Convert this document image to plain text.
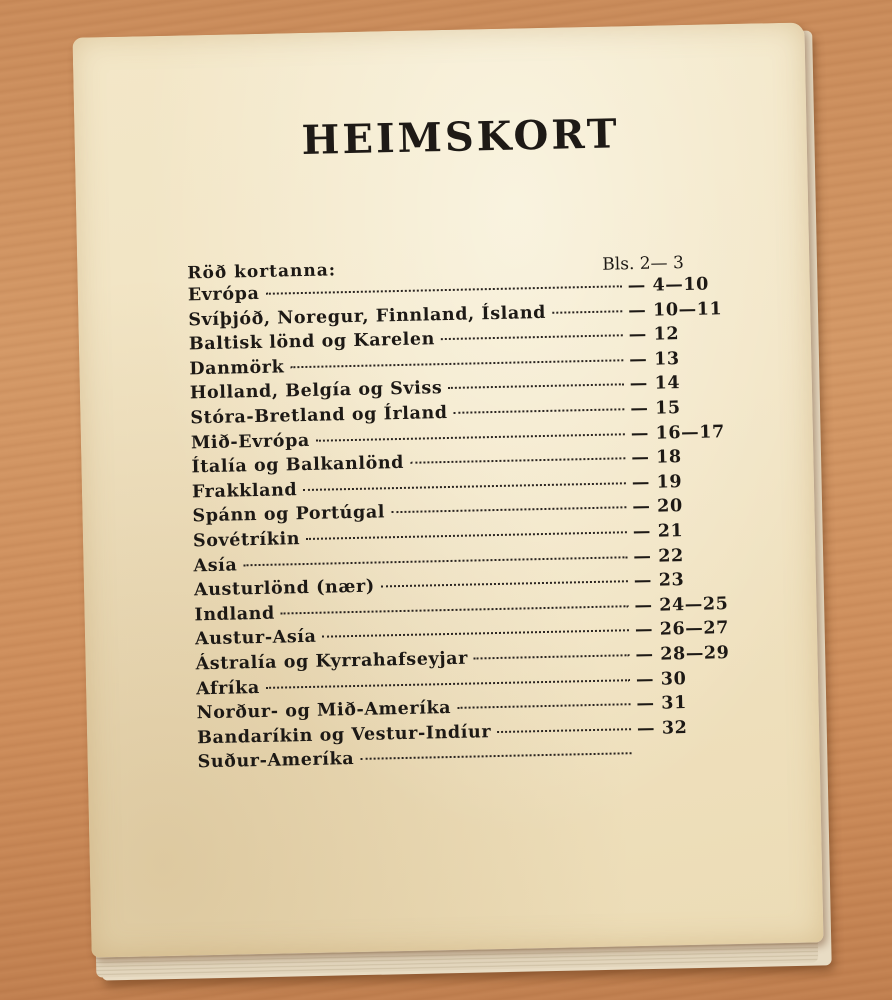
HEIMSKORT
Röð kortanna:	Bls. 2— 3
Evrópa	— 4—10
Svíþjóð, Noregur, Finnland, Ísland	— 10—11
Baltisk lönd og Karelen	— 12
Danmörk	— 13
Holland, Belgía og Sviss	— 14
Stóra-Bretland og Írland	— 15
Mið-Evrópa	— 16—17
Ítalía og Balkanlönd	— 18
Frakkland	— 19
Spánn og Portúgal	— 20
Sovétríkin	— 21
Asía	— 22
Austurlönd (nær)	— 23
Indland	— 24—25
Austur-Asía	— 26—27
Ástralía og Kyrrahafseyjar	— 28—29
Afríka	— 30
Norður- og Mið-Ameríka	— 31
Bandaríkin og Vestur-Indíur	— 32
Suður-Ameríka
